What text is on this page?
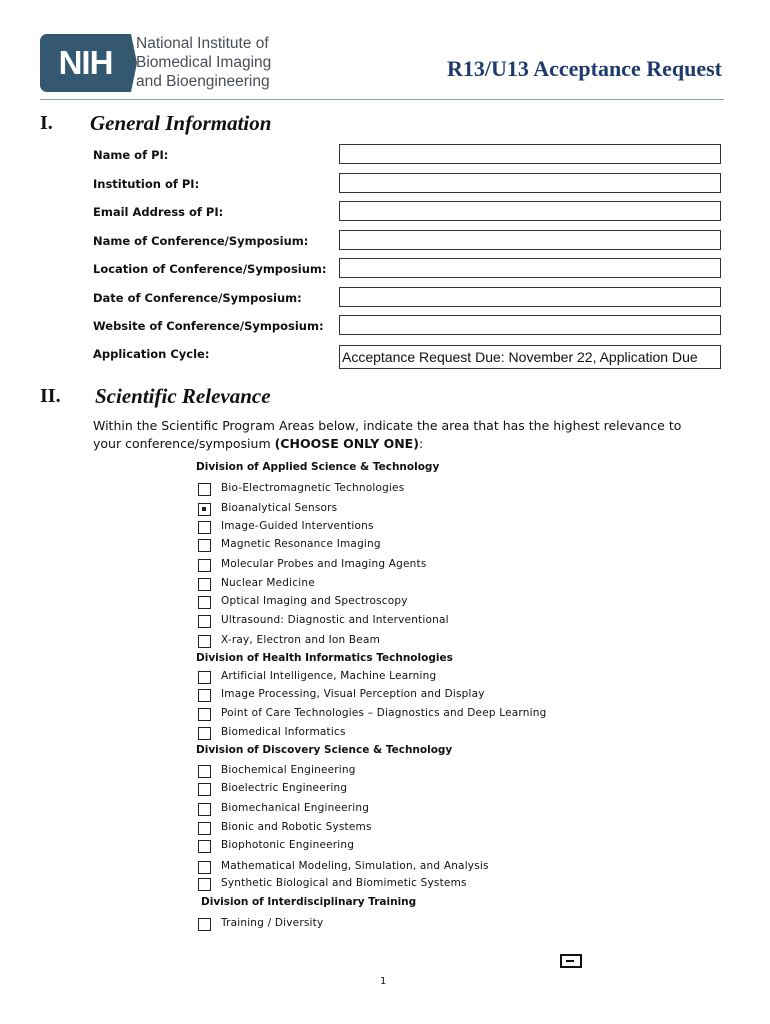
NIH
National Institute of
Biomedical Imaging
and Bioengineering
R13/U13 Acceptance Request
I. General Information
Name of PI:
Institution of PI:
Email Address of PI:
Name of Conference/Symposium:
Location of Conference/Symposium:
Date of Conference/Symposium:
Website of Conference/Symposium:
Application Cycle:	Acceptance Request Due: November 22, Application Due
II. Scientific Relevance
Within the Scientific Program Areas below, indicate the area that has the highest relevance to
your conference/symposium (CHOOSE ONLY ONE):
Division of Applied Science & Technology
Bio-Electromagnetic Technologies
Bioanalytical Sensors
Image-Guided Interventions
Magnetic Resonance Imaging
Molecular Probes and Imaging Agents
Nuclear Medicine
Optical Imaging and Spectroscopy
Ultrasound: Diagnostic and Interventional
X-ray, Electron and Ion Beam
Division of Health Informatics Technologies
Artificial Intelligence, Machine Learning
Image Processing, Visual Perception and Display
Point of Care Technologies – Diagnostics and Deep Learning
Biomedical Informatics
Division of Discovery Science & Technology
Biochemical Engineering
Bioelectric Engineering
Biomechanical Engineering
Bionic and Robotic Systems
Biophotonic Engineering
Mathematical Modeling, Simulation, and Analysis
Synthetic Biological and Biomimetic Systems
Division of Interdisciplinary Training
Training / Diversity
1
